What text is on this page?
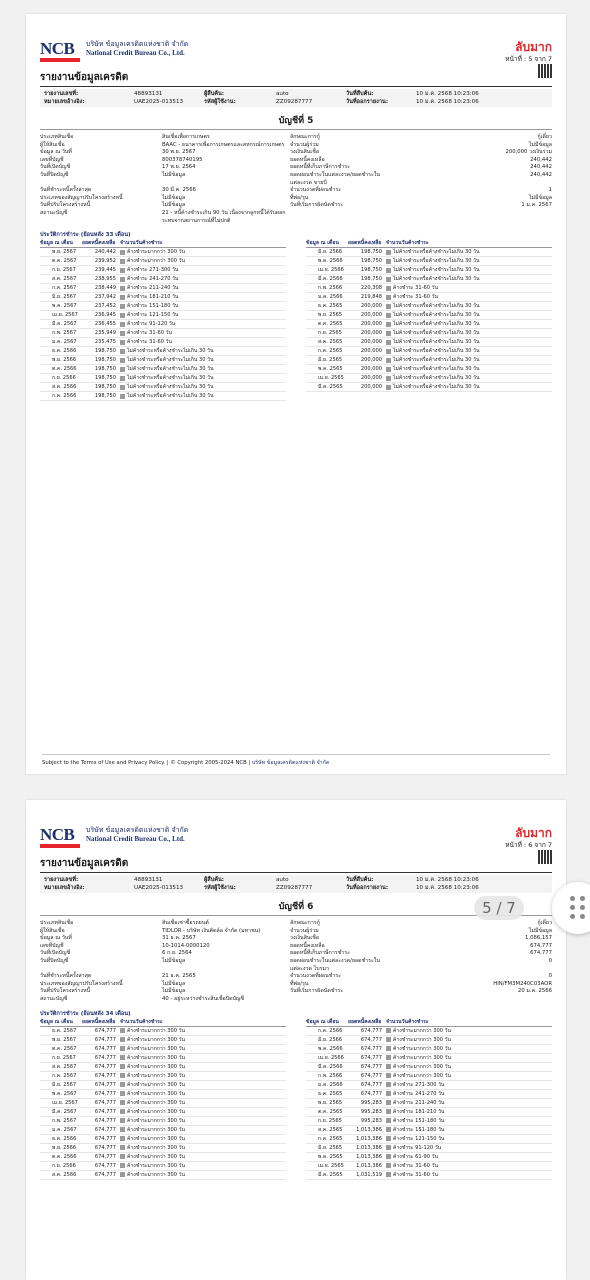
NCB	บริษัท ข้อมูลเครดิตแห่งชาติ จำกัด
National Credit Bureau Co., Ltd.	ลับมาก
หน้าที่ : 5 จาก 7
รายงานข้อมูลเครดิต
รายงานเลขที่:	48893131	ผู้สืบค้น:	auto	วันที่สืบค้น:	10 ม.ค. 2568 10:23:06
หมายเลขอ้างอิง:	UAE2025-013513	รหัสผู้ใช้งาน:	ZZ09287777	วันที่ออกรายงาน:	10 ม.ค. 2568 10:23:06
บัญชีที่ 5
ประเภทสินเชื่อ	สินเชื่อเพื่อการเกษตร	ลักษณะการกู้	กู้เดี่ยว
ผู้ให้สินเชื่อ	BAAC - ธนาคารเพื่อการเกษตรและสหกรณ์การเกษตร	จำนวนผู้ร่วม	ไม่มีข้อมูล
ข้อมูล ณ วันที่	30 พ.ย. 2567	วงเงินสินเชื่อ	200,000 วงเงินร่วม
เลขที่บัญชี	800378740195	ยอดหนี้คงเหลือ	240,442
วันที่เปิดบัญชี	17 พ.ย. 2564	ยอดหนี้ที่เก็บภาษีการชำระ	240,442
วันที่ปิดบัญชี	ไม่มีข้อมูล	ยอดผ่อนชำระในแต่ละงวด/ยอดชำระในแต่ละงวด ขายบี
240,442
วันที่ชำระหนี้ครั้งล่าสุด	30 มี.ค. 2566	จำนวนงวดที่ผ่อนชำระ	1
ประเภทของสัญญาปรับโครงสร้างหนี้	ไม่มีข้อมูล	ที่พ่อ/รุน	ไม่มีข้อมูล
วันที่ปรับโครงสร้างหนี้	ไม่มีข้อมูล	วันที่เริ่มการผิดนัดชำระ	1 ม.ค. 2567
สถานะบัญชี	21 - หนี้ค้างชำระเกิน 90 วัน เนื่องจากลูกหนี้ได้รับผลกระทบจากสถานการณ์ที่ไม่ปกติ
ประวัติการชำระ (ย้อนหลัง 33 เดือน)
ข้อมูล ณ เดือน	ยอดหนี้คงเหลือ จำนวนวันค้างชำระ
พ.ย. 2567	240,442	ค้างชำระมากกว่า 300 วัน
ต.ค. 2567	239,952	ค้างชำระมากกว่า 300 วัน
ก.ย. 2567	239,445	ค้างชำระ 271-300 วัน
ส.ค. 2567	238,955	ค้างชำระ 241-270 วัน
ก.ค. 2567	238,449	ค้างชำระ 211-240 วัน
มิ.ย. 2567	237,942	ค้างชำระ 181-210 วัน
พ.ค. 2567	237,452	ค้างชำระ 151-180 วัน
เม.ย. 2567	236,945	ค้างชำระ 121-150 วัน
มี.ค. 2567	236,455	ค้างชำระ 91-120 วัน
ก.พ. 2567	235,949	ค้างชำระ 31-60 วัน
ม.ค. 2567	235,475	ค้างชำระ 31-60 วัน
ธ.ค. 2566	198,750	ไม่ค้างชำระหรือค้างชำระไม่เกิน 30 วัน
พ.ย. 2566	198,750	ไม่ค้างชำระหรือค้างชำระไม่เกิน 30 วัน
ต.ค. 2566	198,750	ไม่ค้างชำระหรือค้างชำระไม่เกิน 30 วัน
ก.ย. 2566	198,750	ไม่ค้างชำระหรือค้างชำระไม่เกิน 30 วัน
ส.ค. 2566	198,750	ไม่ค้างชำระหรือค้างชำระไม่เกิน 30 วัน
ก.ค. 2566	198,750	ไม่ค้างชำระหรือค้างชำระไม่เกิน 30 วัน
ข้อมูล ณ เดือน	ยอดหนี้คงเหลือ จำนวนวันค้างชำระ
มิ.ย. 2566	198,750	ไม่ค้างชำระหรือค้างชำระไม่เกิน 30 วัน
พ.ค. 2566	198,750	ไม่ค้างชำระหรือค้างชำระไม่เกิน 30 วัน
เม.ย. 2566	198,750	ไม่ค้างชำระหรือค้างชำระไม่เกิน 30 วัน
มี.ค. 2566	198,750	ไม่ค้างชำระหรือค้างชำระไม่เกิน 30 วัน
ก.พ. 2566	220,308	ค้างชำระ 31-60 วัน
ม.ค. 2566	219,848	ค้างชำระ 31-60 วัน
ธ.ค. 2565	200,000	ไม่ค้างชำระหรือค้างชำระไม่เกิน 30 วัน
พ.ย. 2565	200,000	ไม่ค้างชำระหรือค้างชำระไม่เกิน 30 วัน
ต.ค. 2565	200,000	ไม่ค้างชำระหรือค้างชำระไม่เกิน 30 วัน
ก.ย. 2565	200,000	ไม่ค้างชำระหรือค้างชำระไม่เกิน 30 วัน
ส.ค. 2565	200,000	ไม่ค้างชำระหรือค้างชำระไม่เกิน 30 วัน
ก.ค. 2565	200,000	ไม่ค้างชำระหรือค้างชำระไม่เกิน 30 วัน
มิ.ย. 2565	200,000	ไม่ค้างชำระหรือค้างชำระไม่เกิน 30 วัน
พ.ค. 2565	200,000	ไม่ค้างชำระหรือค้างชำระไม่เกิน 30 วัน
เม.ย. 2565	200,000	ไม่ค้างชำระหรือค้างชำระไม่เกิน 30 วัน
มี.ค. 2565	200,000	ไม่ค้างชำระหรือค้างชำระไม่เกิน 30 วัน
Subject to the Terms of Use and Privacy Policy. | © Copyright 2005-2024 NCB | บริษัท ข้อมูลเครดิตแห่งชาติ จำกัด
NCB	บริษัท ข้อมูลเครดิตแห่งชาติ จำกัด
National Credit Bureau Co., Ltd.	ลับมาก
หน้าที่ : 6 จาก 7
รายงานข้อมูลเครดิต
รายงานเลขที่:	48893131	ผู้สืบค้น:	auto	วันที่สืบค้น:	10 ม.ค. 2568 10:23:06
หมายเลขอ้างอิง:	UAE2025-013513	รหัสผู้ใช้งาน:	ZZ09287777	วันที่ออกรายงาน:	10 ม.ค. 2568 10:23:06
บัญชีที่ 6
ประเภทสินเชื่อ	สินเชื่อเช่าซื้อรถยนต์	ลักษณะการกู้	กู้เดี่ยว
ผู้ให้สินเชื่อ	TIDLOR - บริษัท เงินติดล้อ จำกัด (มหาชน)	จำนวนผู้ร่วม	ไม่มีข้อมูล
ข้อมูล ณ วันที่	31 ธ.ค. 2567	วงเงินสินเชื่อ	1,086,157
เลขที่บัญชี	10-1014-0000120	ยอดหนี้คงเหลือ	674,777
วันที่เปิดบัญชี	6 ก.ย. 2564	ยอดหนี้ที่เก็บภาษีการชำระ	674,777
วันที่ปิดบัญชี	ไม่มีข้อมูล	ยอดผ่อนชำระในแต่ละงวด/ยอดชำระในแต่ละงวด ไบรมา
0
วันที่ชำระหนี้ครั้งล่าสุด	21 ธ.ค. 2565	จำนวนงวดที่ผ่อนชำระ	0
ประเภทของสัญญาปรับโครงสร้างหนี้	ไม่มีข้อมูล	ที่พ่อ/รุน	HIN/FM3M240C03AOR
วันที่ปรับโครงสร้างหนี้	ไม่มีข้อมูล	วันที่เริ่มการผิดนัดชำระ	20 ม.ค. 2566
สถานะบัญชี	40 - อยู่ระหว่างชำระสินเชื่อปิดบัญชี
ประวัติการชำระ (ย้อนหลัง 34 เดือน)
ข้อมูล ณ เดือน	ยอดหนี้คงเหลือ จำนวนวันค้างชำระ
ธ.ค. 2567	674,777	ค้างชำระมากกว่า 300 วัน
พ.ย. 2567	674,777	ค้างชำระมากกว่า 300 วัน
ต.ค. 2567	674,777	ค้างชำระมากกว่า 300 วัน
ก.ย. 2567	674,777	ค้างชำระมากกว่า 300 วัน
ส.ค. 2567	674,777	ค้างชำระมากกว่า 300 วัน
ก.ค. 2567	674,777	ค้างชำระมากกว่า 300 วัน
มิ.ย. 2567	674,777	ค้างชำระมากกว่า 300 วัน
พ.ค. 2567	674,777	ค้างชำระมากกว่า 300 วัน
เม.ย. 2567	674,777	ค้างชำระมากกว่า 300 วัน
มี.ค. 2567	674,777	ค้างชำระมากกว่า 300 วัน
ก.พ. 2567	674,777	ค้างชำระมากกว่า 300 วัน
ม.ค. 2567	674,777	ค้างชำระมากกว่า 300 วัน
ธ.ค. 2566	674,777	ค้างชำระมากกว่า 300 วัน
พ.ย. 2566	674,777	ค้างชำระมากกว่า 300 วัน
ต.ค. 2566	674,777	ค้างชำระมากกว่า 300 วัน
ก.ย. 2566	674,777	ค้างชำระมากกว่า 300 วัน
ส.ค. 2566	674,777	ค้างชำระมากกว่า 300 วัน
ข้อมูล ณ เดือน	ยอดหนี้คงเหลือ จำนวนวันค้างชำระ
ก.ค. 2566	674,777	ค้างชำระมากกว่า 300 วัน
มิ.ย. 2566	674,777	ค้างชำระมากกว่า 300 วัน
พ.ค. 2566	674,777	ค้างชำระมากกว่า 300 วัน
เม.ย. 2566	674,777	ค้างชำระมากกว่า 300 วัน
มี.ค. 2566	674,777	ค้างชำระมากกว่า 300 วัน
ก.พ. 2566	674,777	ค้างชำระมากกว่า 300 วัน
ม.ค. 2566	674,777	ค้างชำระ 271-300 วัน
ธ.ค. 2565	674,777	ค้างชำระ 241-270 วัน
พ.ย. 2565	995,283	ค้างชำระ 211-240 วัน
ต.ค. 2565	995,283	ค้างชำระ 181-210 วัน
ก.ย. 2565	995,283	ค้างชำระ 151-180 วัน
ส.ค. 2565	1,013,386	ค้างชำระ 151-180 วัน
ก.ค. 2565	1,013,386	ค้างชำระ 121-150 วัน
มิ.ย. 2565	1,013,386	ค้างชำระ 91-120 วัน
พ.ค. 2565	1,013,386	ค้างชำระ 61-90 วัน
เม.ย. 2565	1,013,386	ค้างชำระ 31-60 วัน
มี.ค. 2565	1,031,519	ค้างชำระ 31-60 วัน
5 / 7
